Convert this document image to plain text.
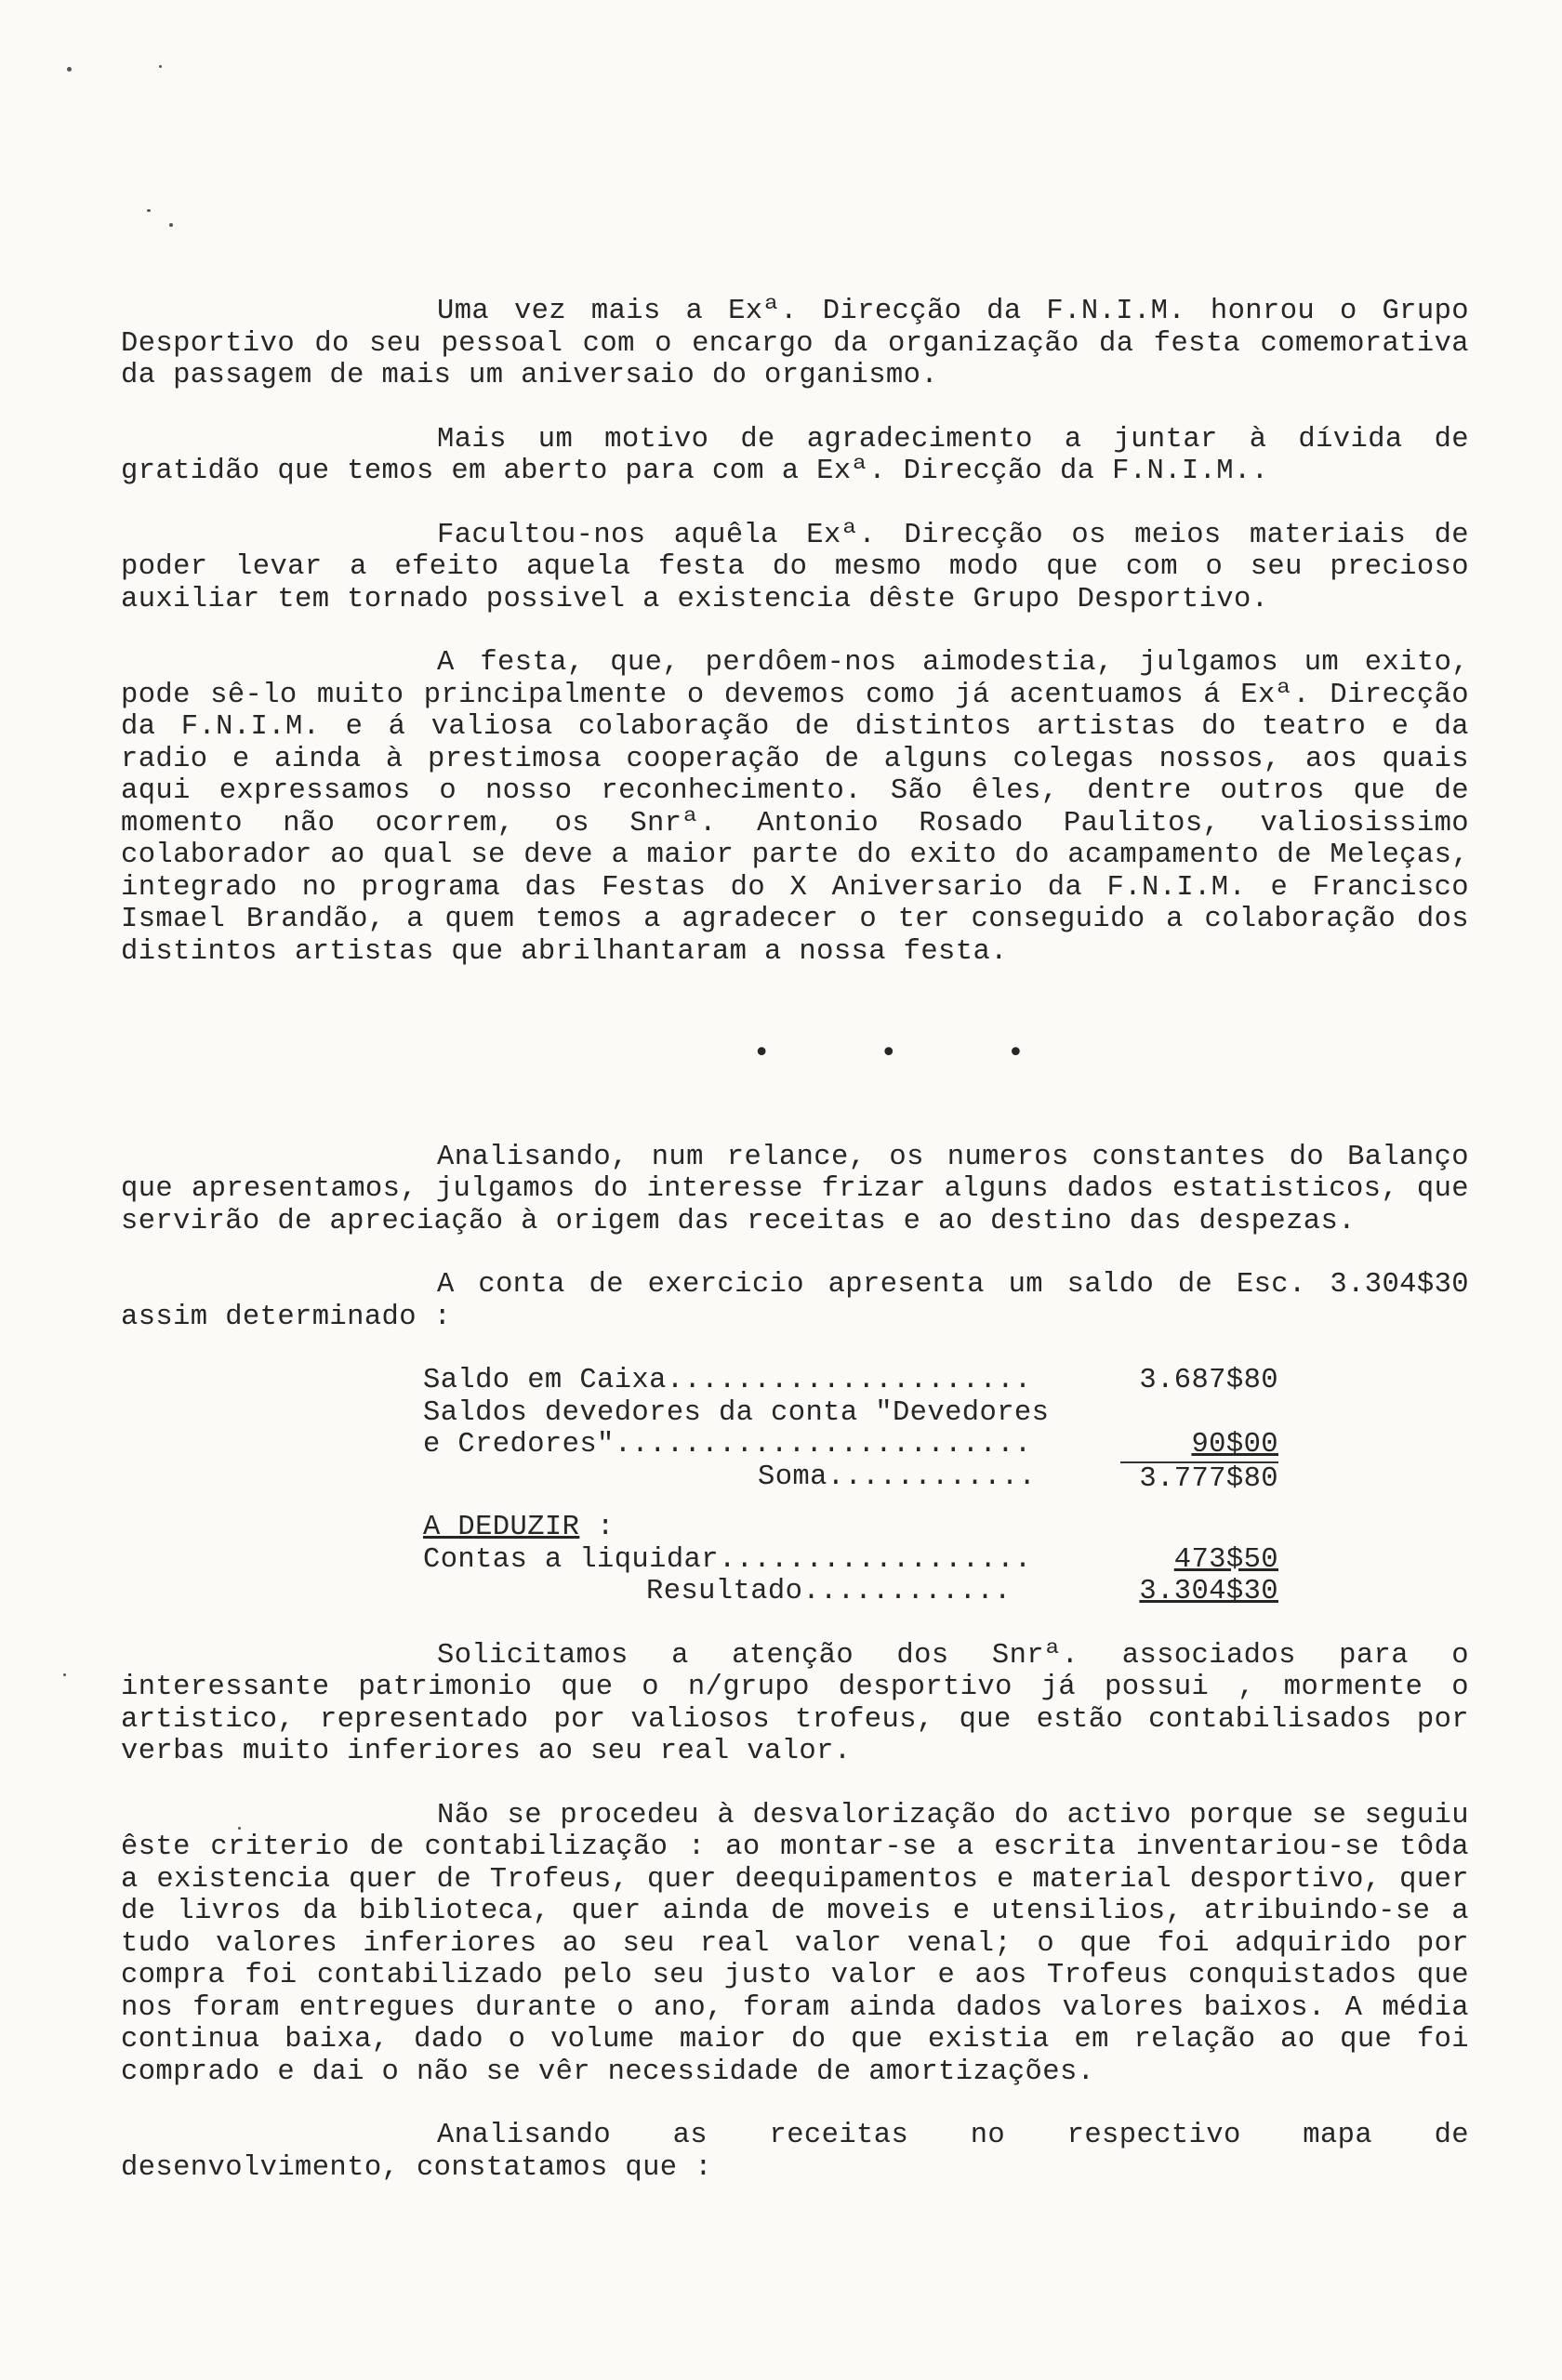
Uma vez mais a Exª. Direcção da F.N.I.M. honrou o Grupo Desportivo do seu pessoal com o encargo da organização da festa comemorativa da passagem de mais um aniversaio do organismo.

Mais um motivo de agradecimento a juntar à dívida de gratidão que temos em aberto para com a Exª. Direcção da F.N.I.M..

Facultou-nos aquêla Exª. Direcção os meios materiais de poder levar a efeito aquela festa do mesmo modo que com o seu precioso auxiliar tem tornado possivel a existencia dêste Grupo Desportivo.

A festa, que, perdôem-nos aimodestia, julgamos um exito, pode sê-lo muito principalmente o devemos como já acentuamos á Exª. Direcção da F.N.I.M. e á valiosa colaboração de distintos artistas do teatro e da radio e ainda à prestimosa cooperação de alguns colegas nossos, aos quais aqui expressamos o nosso reconhecimento. São êles, dentre outros que de momento não ocorrem, os Snrª. Antonio Rosado Paulitos, valiosissimo colaborador ao qual se deve a maior parte do exito do acampamento de Meleças, integrado no programa das Festas do X Aniversario da F.N.I.M. e Francisco Ismael Brandão, a quem temos a agradecer o ter conseguido a colaboração dos distintos artistas que abrilhantaram a nossa festa.

• • •

Analisando, num relance, os numeros constantes do Balanço que apresentamos, julgamos do interesse frizar alguns dados estatisticos, que servirão de apreciação à origem das receitas e ao destino das despezas.

A conta de exercicio apresenta um saldo de Esc. 3.304$30 assim determinado :

Saldo em Caixa.....................	3.687$80
Saldos devedores da conta "Devedores
e Credores"........................	90$00
Soma............	3.777$80
A DEDUZIR :
Contas a liquidar..................	473$50
Resultado............	3.304$30

Solicitamos a atenção dos Snrª. associados para o interessante patrimonio que o n/grupo desportivo já possui , mormente o artistico, representado por valiosos trofeus, que estão contabilisados por verbas muito inferiores ao seu real valor.

Não se procedeu à desvalorização do activo porque se seguiu êste criterio de contabilização : ao montar-se a escrita inventariou-se tôda a existencia quer de Trofeus, quer deequipamentos e material desportivo, quer de livros da biblioteca, quer ainda de moveis e utensilios, atribuindo-se a tudo valores inferiores ao seu real valor venal; o que foi adquirido por compra foi contabilizado pelo seu justo valor e aos Trofeus conquistados que nos foram entregues durante o ano, foram ainda dados valores baixos. A média continua baixa, dado o volume maior do que existia em relação ao que foi comprado e dai o não se vêr necessidade de amortizações.

Analisando as receitas no respectivo mapa de desenvolvimento, constatamos que :
